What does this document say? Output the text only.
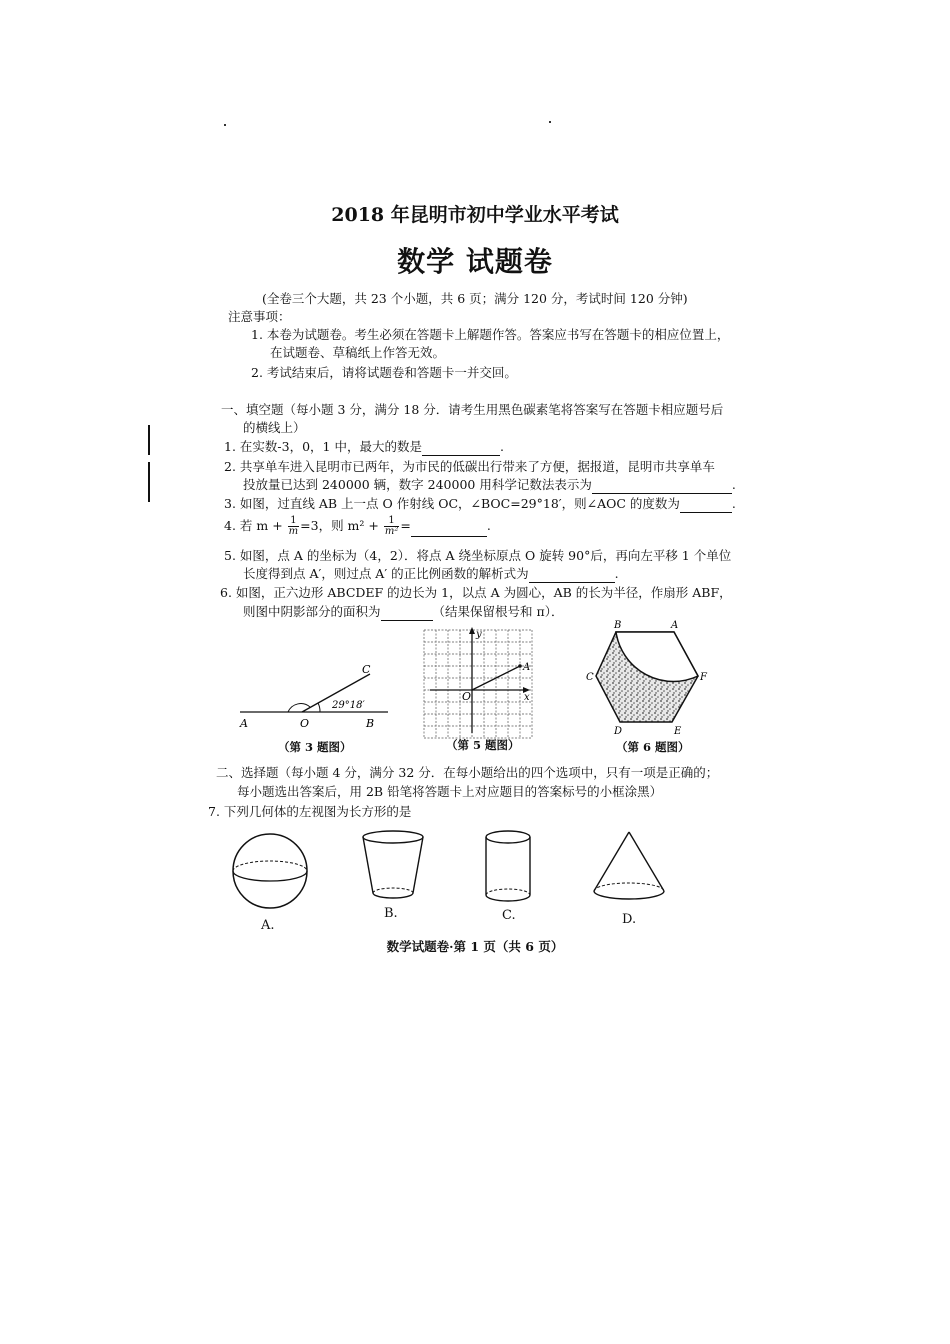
2018 年昆明市初中学业水平考试
数学 试题卷
(全卷三个大题，共 23 个小题，共 6 页；满分 120 分，考试时间 120 分钟)
注意事项：
1. 本卷为试题卷。考生必须在答题卡上解题作答。答案应书写在答题卡的相应位置上，
在试题卷、草稿纸上作答无效。
2. 考试结束后，请将试题卷和答题卡一并交回。
一、填空题（每小题 3 分，满分 18 分．请考生用黑色碳素笔将答案写在答题卡相应题号后
的横线上）
1. 在实数-3，0，1 中，最大的数是	.
2. 共享单车进入昆明市已两年，为市民的低碳出行带来了方便，据报道，昆明市共享单车
投放量已达到 240000 辆，数字 240000 用科学记数法表示为	.
3. 如图，过直线 AB 上一点 O 作射线 OC，∠BOC=29°18′，则∠AOC 的度数为	.
4. 若 $m + \frac{1}{m} =3$，则 $m^2 + \frac{1}{\text{m²}}$ =	.
5. 如图，点 A 的坐标为（4，2）．将点 A 绕坐标原点 O 旋转 90°后，再向左平移 1 个单位
长度得到点 A′，则过点 A′ 的正比例函数的解析式为	.
6. 如图，正六边形 ABCDEF 的边长为 1，以点 A 为圆心，AB 的长为半径，作扇形 ABF，
则图中阴影部分的面积为	（结果保留根号和 π）．
29°18′
A	O	B
C
（第 3 题图）
y
x
O
A
（第 5 题图）
B	A
C	F
D	E
（第 6 题图）
二、选择题（每小题 4 分，满分 32 分．在每小题给出的四个选项中，只有一项是正确的；
每小题选出答案后，用 2B 铅笔将答题卡上对应题目的答案标号的小框涂黑）
7. 下列几何体的左视图为长方形的是
A.
B.	C.	D.
数学试题卷·第 1 页（共 6 页）
